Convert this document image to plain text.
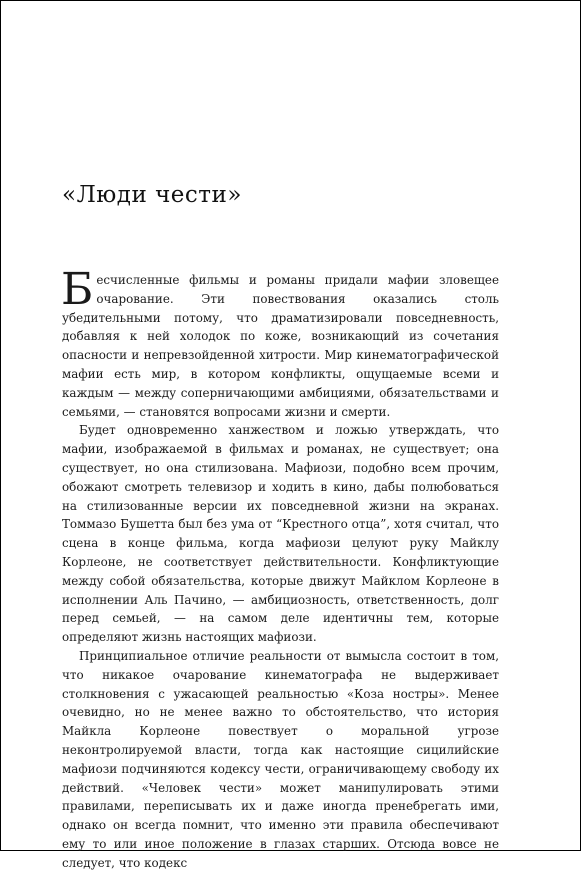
«Люди чести»

Бесчисленные фильмы и романы придали мафии зловещее очарование. Эти повествования оказались столь убедительными потому, что драматизировали повседневность, добавляя к ней холодок по коже, возникающий из сочетания опасности и непревзойденной хитрости. Мир кинематографической мафии есть мир, в котором конфликты, ощущаемые всеми и каждым — между соперничающими амбициями, обязательствами и семьями, — становятся вопросами жизни и смерти.

Будет одновременно ханжеством и ложью утверждать, что мафии, изображаемой в фильмах и романах, не существует; она существует, но она стилизована. Мафиози, подобно всем прочим, обожают смотреть телевизор и ходить в кино, дабы полюбоваться на стилизованные версии их повседневной жизни на экранах. Томмазо Бушетта был без ума от “Крестного отца”, хотя считал, что сцена в конце фильма, когда мафиози целуют руку Майклу Корлеоне, не соответствует действительности. Конфликтующие между собой обязательства, которые движут Майклом Корлеоне в исполнении Аль Пачино, — амбициозность, ответственность, долг перед семьей, — на самом деле идентичны тем, которые определяют жизнь настоящих мафиози.

Принципиальное отличие реальности от вымысла состоит в том, что никакое очарование кинематографа не выдерживает столкновения с ужасающей реальностью «Коза ностры». Менее очевидно, но не менее важно то обстоятельство, что история Майкла Корлеоне повествует о моральной угрозе неконтролируемой власти, тогда как настоящие сицилийские мафиози подчиняются кодексу чести, ограничивающему свободу их действий. «Человек чести» может манипулировать этими правилами, переписывать их и даже иногда пренебрегать ими, однако он всегда помнит, что именно эти правила обеспечивают ему то или иное положение в глазах старших. Отсюда вовсе не следует, что кодекс
